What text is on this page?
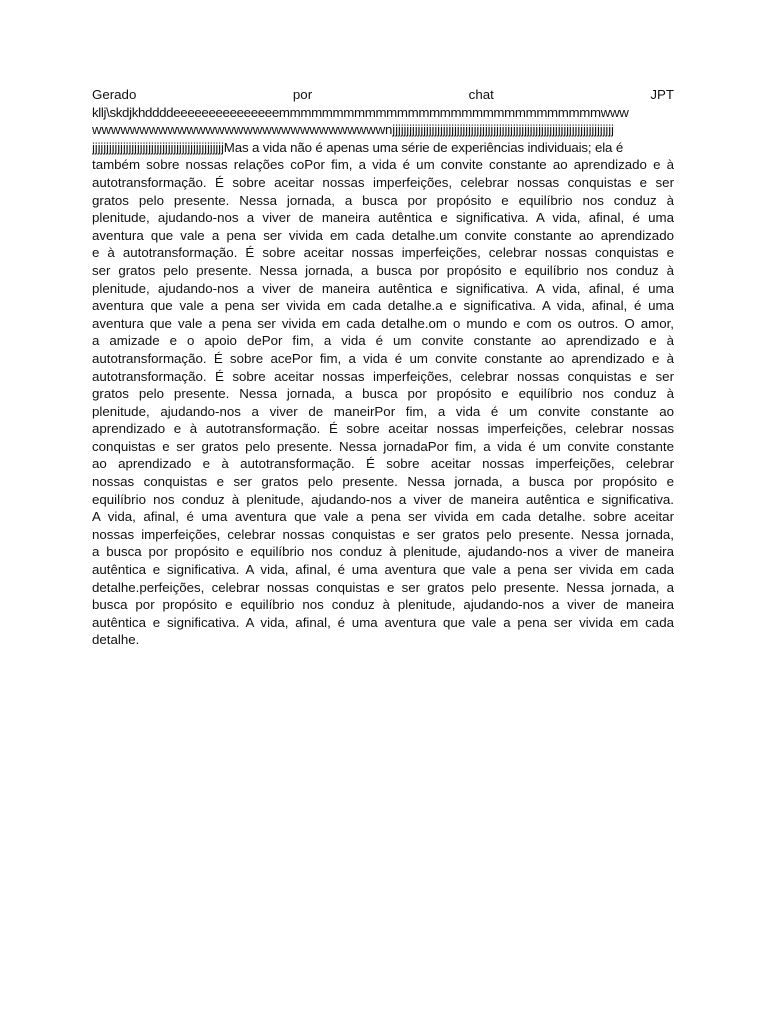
Gerado	por	chat	JPT
kllj\skdjkhddddeeeeeeeeeeeeeeemmmmmmmmmmmmmmmmmmmmmmmmmmmmmmwww
wwwwwwwwwwwwwwwwwwwwwwwwwwwwwwwnjjjjjjjjjjjjjjjjjjjjjjjjjjjjjjjjjjjjjjjjjjjjjjjjjjjjjjjjjjjjjjjjjjjjjjjjjjjjjjj
jjjjjjjjjjjjjjjjjjjjjjjjjjjjjjjjjjjjjjjjjjjjjjjMas a vida não é apenas uma série de experiências individuais; ela é
também sobre nossas relações coPor fim, a vida é um convite constante ao aprendizado e à
autotransformação. É sobre aceitar nossas imperfeições, celebrar nossas conquistas e ser
gratos pelo presente. Nessa jornada, a busca por propósito e equilíbrio nos conduz à
plenitude, ajudando-nos a viver de maneira autêntica e significativa. A vida, afinal, é uma
aventura que vale a pena ser vivida em cada detalhe.um convite constante ao aprendizado
e à autotransformação. É sobre aceitar nossas imperfeições, celebrar nossas conquistas e
ser gratos pelo presente. Nessa jornada, a busca por propósito e equilíbrio nos conduz à
plenitude, ajudando-nos a viver de maneira autêntica e significativa. A vida, afinal, é uma
aventura que vale a pena ser vivida em cada detalhe.a e significativa. A vida, afinal, é uma
aventura que vale a pena ser vivida em cada detalhe.om o mundo e com os outros. O amor,
a amizade e o apoio dePor fim, a vida é um convite constante ao aprendizado e à
autotransformação. É sobre acePor fim, a vida é um convite constante ao aprendizado e à
autotransformação. É sobre aceitar nossas imperfeições, celebrar nossas conquistas e ser
gratos pelo presente. Nessa jornada, a busca por propósito e equilíbrio nos conduz à
plenitude, ajudando-nos a viver de maneirPor fim, a vida é um convite constante ao
aprendizado e à autotransformação. É sobre aceitar nossas imperfeições, celebrar nossas
conquistas e ser gratos pelo presente. Nessa jornadaPor fim, a vida é um convite constante
ao aprendizado e à autotransformação. É sobre aceitar nossas imperfeições, celebrar
nossas conquistas e ser gratos pelo presente. Nessa jornada, a busca por propósito e
equilíbrio nos conduz à plenitude, ajudando-nos a viver de maneira autêntica e significativa.
A vida, afinal, é uma aventura que vale a pena ser vivida em cada detalhe. sobre aceitar
nossas imperfeições, celebrar nossas conquistas e ser gratos pelo presente. Nessa jornada,
a busca por propósito e equilíbrio nos conduz à plenitude, ajudando-nos a viver de maneira
autêntica e significativa. A vida, afinal, é uma aventura que vale a pena ser vivida em cada
detalhe.perfeições, celebrar nossas conquistas e ser gratos pelo presente. Nessa jornada, a
busca por propósito e equilíbrio nos conduz à plenitude, ajudando-nos a viver de maneira
autêntica e significativa. A vida, afinal, é uma aventura que vale a pena ser vivida em cada
detalhe.
